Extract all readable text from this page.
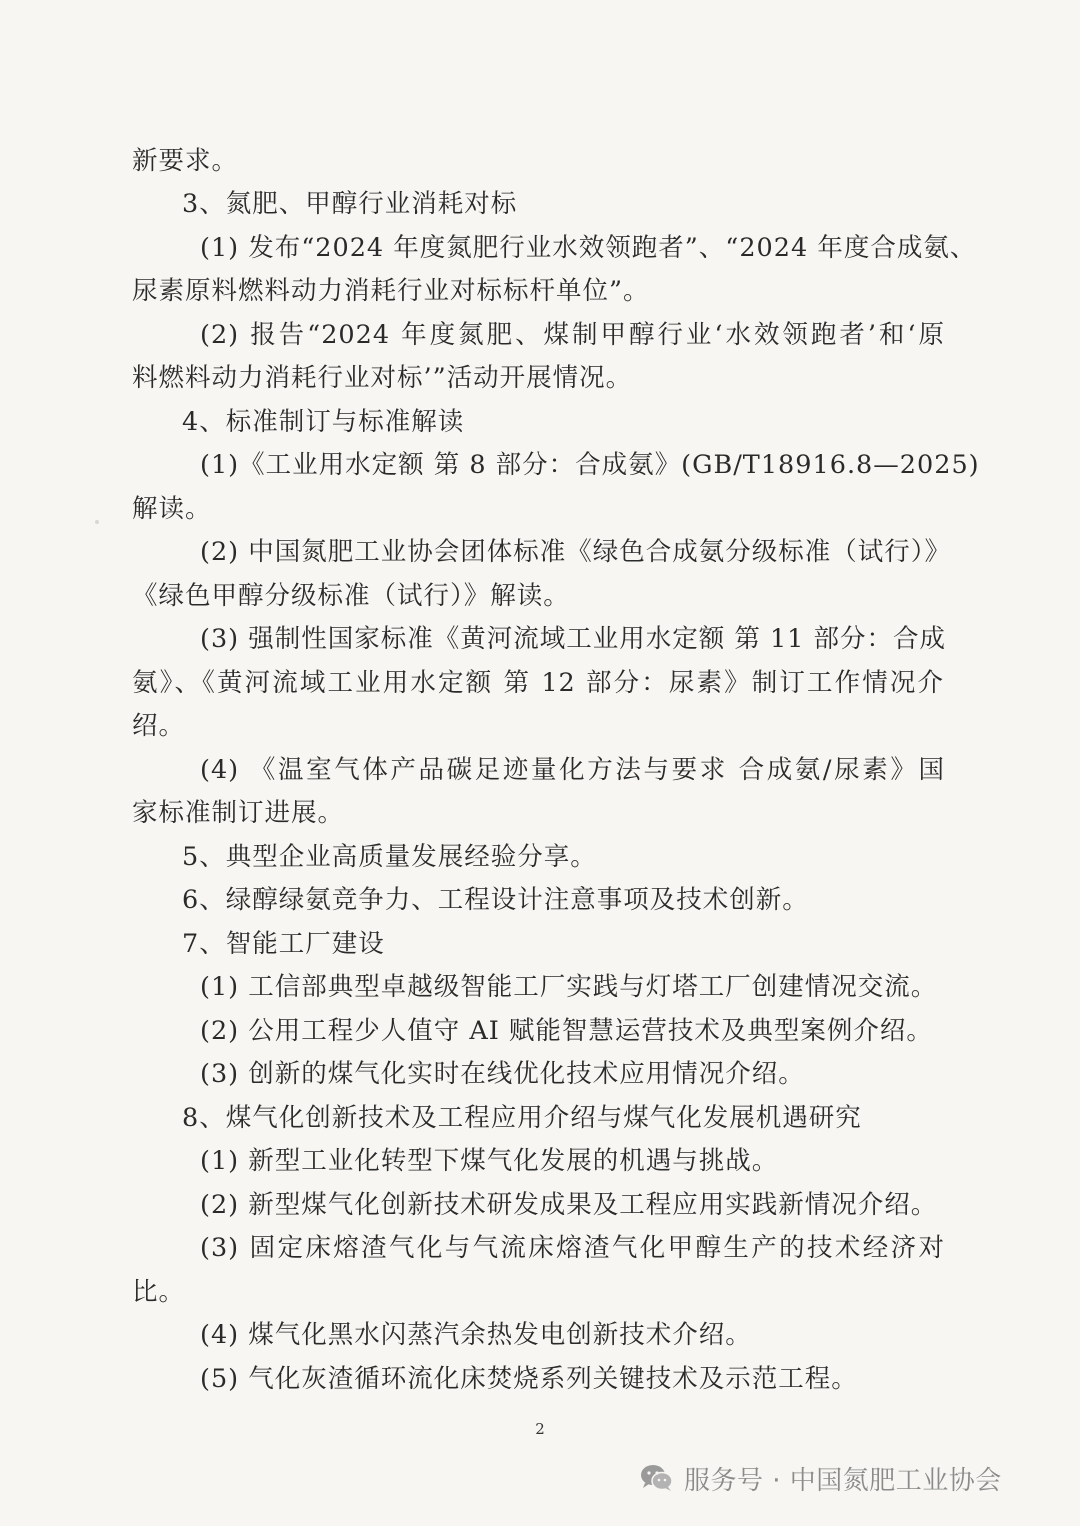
新要求。
3、氮肥、甲醇行业消耗对标
(1) 发布“2024 年度氮肥行业水效领跑者”、“2024 年度合成氨、
尿素原料燃料动力消耗行业对标标杆单位”。
(2) 报告“2024 年度氮肥、煤制甲醇行业‘水效领跑者’和‘原
料燃料动力消耗行业对标’”活动开展情况。
4、标准制订与标准解读
(1)《工业用水定额 第 8 部分：合成氨》(GB/T18916.8—2025)
解读。
(2) 中国氮肥工业协会团体标准《绿色合成氨分级标准（试行）》
《绿色甲醇分级标准（试行）》解读。
(3) 强制性国家标准《黄河流域工业用水定额 第 11 部分：合成
氨》、《黄河流域工业用水定额 第 12 部分：尿素》制订工作情况介
绍。
(4) 《温室气体产品碳足迹量化方法与要求 合成氨/尿素》国
家标准制订进展。
5、典型企业高质量发展经验分享。
6、绿醇绿氨竞争力、工程设计注意事项及技术创新。
7、智能工厂建设
(1) 工信部典型卓越级智能工厂实践与灯塔工厂创建情况交流。
(2) 公用工程少人值守 AI 赋能智慧运营技术及典型案例介绍。
(3) 创新的煤气化实时在线优化技术应用情况介绍。
8、煤气化创新技术及工程应用介绍与煤气化发展机遇研究
(1) 新型工业化转型下煤气化发展的机遇与挑战。
(2) 新型煤气化创新技术研发成果及工程应用实践新情况介绍。
(3) 固定床熔渣气化与气流床熔渣气化甲醇生产的技术经济对
比。
(4) 煤气化黑水闪蒸汽余热发电创新技术介绍。
(5) 气化灰渣循环流化床焚烧系列关键技术及示范工程。
2
服务号 · 中国氮肥工业协会
